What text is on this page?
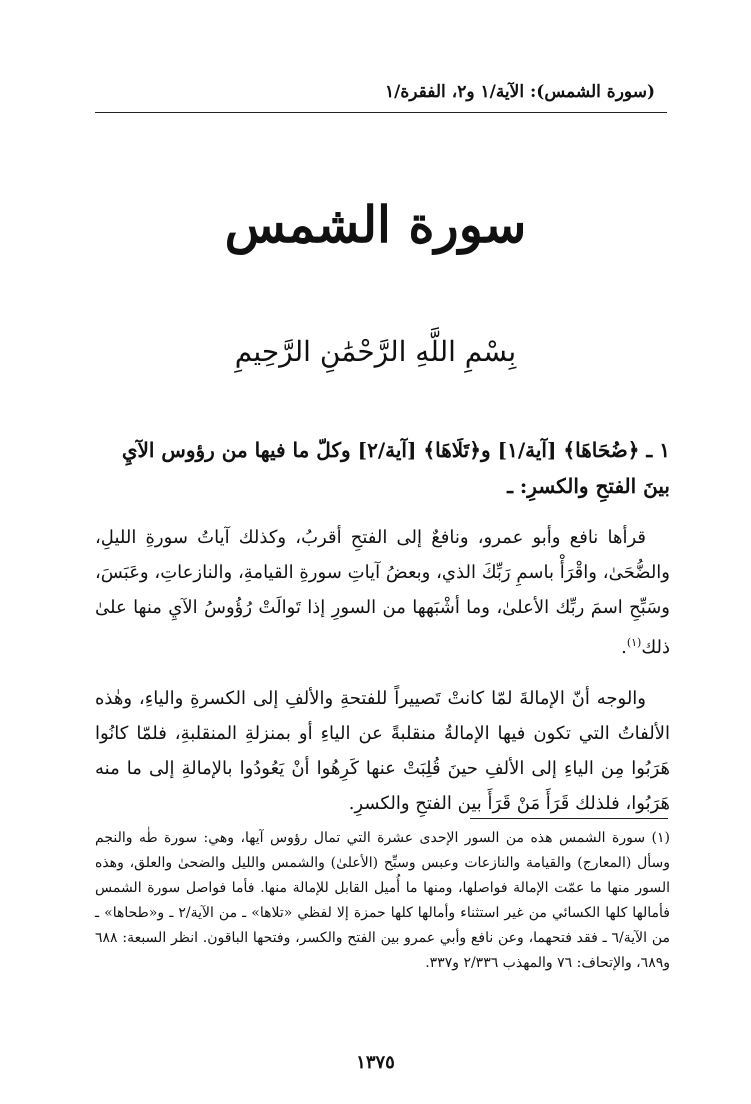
(سورة الشمس): الآية/١ و٢، الفقرة/١
سورة الشمس
بِسْمِ اللَّهِ الرَّحْمَٰنِ الرَّحِيمِ

١ ـ ﴿ضُحَاهَا﴾ [آية/١] و﴿تَلَاهَا﴾ [آية/٢] وكلّ ما فيها من رؤوس الآيِ بينَ الفتحِ والكسرِ: ـ

قرأها نافع وأبو عمرو، ونافعٌ إلى الفتحِ أقربُ، وكذلك آياتُ سورةِ الليلِ، والضُّحَىٰ، واقْرَأْ باسمِ رَبِّكَ الذي، وبعضُ آياتِ سورةِ القيامةِ، والنازعاتِ، وعَبَسَ، وسَبِّحِ اسمَ ربِّك الأعلىٰ، وما أشْبَهها من السورِ إذا تَوالَتْ رُؤُوسُ الآيِ منها علىٰ ذلك$^{(١)}$.

والوجه أنّ الإمالةَ لمّا كانتْ تَصييراً للفتحةِ والألفِ إلى الكسرةِ والياءِ، وهٰذه الألفاتُ التي تكون فيها الإمالةُ منقلبةً عن الياءِ أو بمنزلةِ المنقلبةِ، فلمّا كانُوا هَرَبُوا مِن الياءِ إلى الألفِ حينَ قُلِبَتْ عنها كَرِهُوا أنْ يَعُودُوا بالإمالةِ إلى ما منه هَرَبُوا، فلذلك قَرَأَ مَنْ قَرَأَ بين الفتحِ والكسرِ.

(١) سورة الشمس هذه من السور الإحدى عشرة التي تمال رؤوس آيها، وهي: سورة طٰه والنجم وسأل (المعارج) والقيامة والنازعات وعبس وسبِّح (الأعلىٰ) والشمس والليل والضحىٰ والعلق، وهذه السور منها ما عمّت الإمالة فواصلها، ومنها ما أُميل القابل للإمالة منها. فأما فواصل سورة الشمس فأمالها كلها الكسائي من غير استثناء وأمالها كلها حمزة إلا لفظي «تلاها» ـ من الآية/٢ ـ و«طحاها» ـ من الآية/٦ ـ فقد فتحهما، وعن نافع وأبي عمرو بين الفتح والكسر، وفتحها الباقون. انظر السبعة: ٦٨٨ و٦٨٩، والإتحاف: ٧٦ والمهذب ٢/٣٣٦ و٣٣٧.
١٣٧٥
